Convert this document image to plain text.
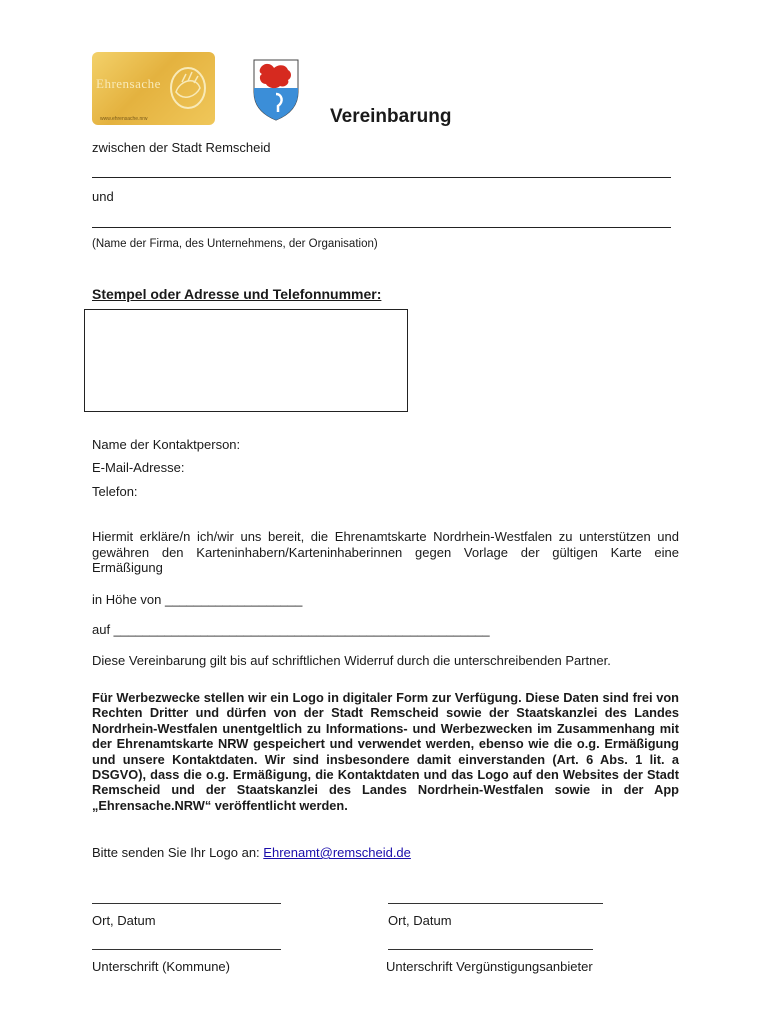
Ehrensache
www.ehrensache.nrw	Vereinbarung
zwischen der Stadt Remscheid
und
(Name der Firma, des Unternehmens, der Organisation)
Stempel oder Adresse und Telefonnummer:
Name der Kontaktperson:
E-Mail-Adresse:
Telefon:
Hiermit erkläre/n ich/wir uns bereit, die Ehrenamtskarte Nordrhein-Westfalen zu unterstützen und gewähren den Karteninhabern/Karteninhaberinnen gegen Vorlage der gültigen Karte eine Ermäßigung
in Höhe von ___________________
auf ____________________________________________________
Diese Vereinbarung gilt bis auf schriftlichen Widerruf durch die unterschreibenden Partner.
Für Werbezwecke stellen wir ein Logo in digitaler Form zur Verfügung. Diese Daten sind frei von Rechten Dritter und dürfen von der Stadt Remscheid sowie der Staatskanzlei des Landes Nordrhein-Westfalen unentgeltlich zu Informations- und Werbezwecken im Zusammenhang mit der Ehrenamtskarte NRW gespeichert und verwendet werden, ebenso wie die o.g. Ermäßigung und unsere Kontaktdaten. Wir sind insbesondere damit einverstanden (Art. 6 Abs. 1 lit. a DSGVO), dass die o.g. Ermäßigung, die Kontaktdaten und das Logo auf den Websites der Stadt Remscheid und der Staatskanzlei des Landes Nordrhein-Westfalen sowie in der App „Ehrensache.NRW“ veröffentlicht werden.
Bitte senden Sie Ihr Logo an: Ehrenamt@remscheid.de
Ort, Datum	Ort, Datum
Unterschrift (Kommune)	Unterschrift Vergünstigungsanbieter
